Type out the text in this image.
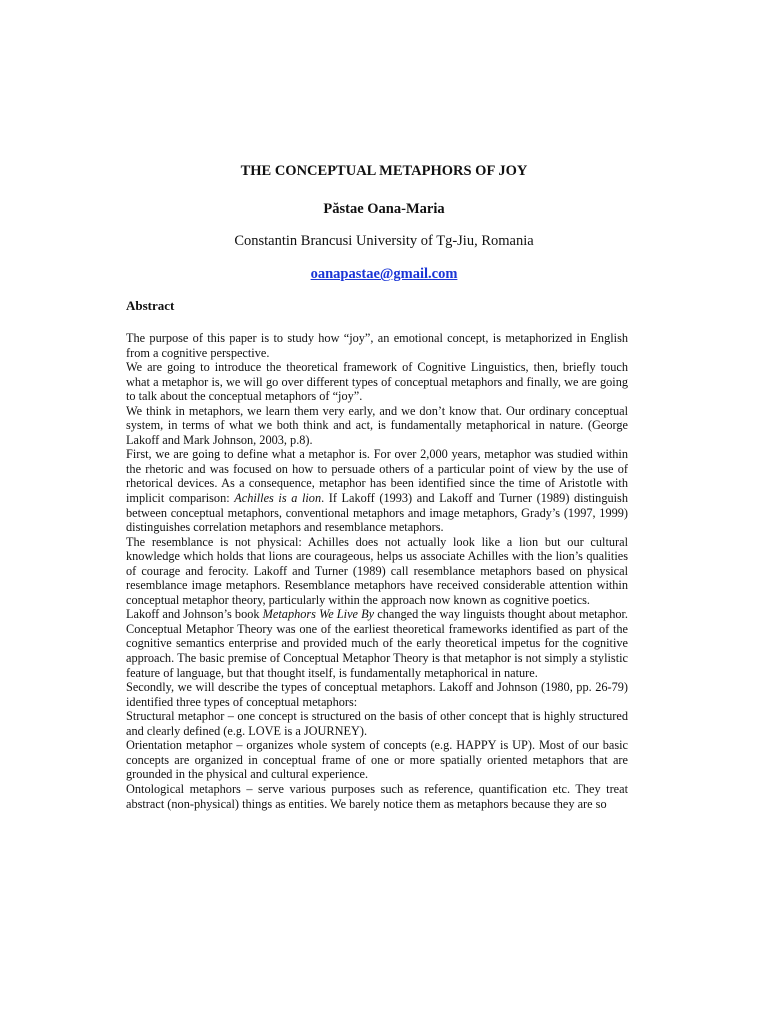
THE CONCEPTUAL METAPHORS OF JOY
Păstae Oana-Maria
Constantin Brancusi University of Tg-Jiu, Romania
oanapastae@gmail.com
Abstract

The purpose of this paper is to study how “joy”, an emotional concept, is metaphorized in English from a cognitive perspective.

We are going to introduce the theoretical framework of Cognitive Linguistics, then, briefly touch what a metaphor is, we will go over different types of conceptual metaphors and finally, we are going to talk about the conceptual metaphors of “joy”.

We think in metaphors, we learn them very early, and we don’t know that. Our ordinary conceptual system, in terms of what we both think and act, is fundamentally metaphorical in nature. (George Lakoff and Mark Johnson, 2003, p.8).

First, we are going to define what a metaphor is. For over 2,000 years, metaphor was studied within the rhetoric and was focused on how to persuade others of a particular point of view by the use of rhetorical devices. As a consequence, metaphor has been identified since the time of Aristotle with implicit comparison: Achilles is a lion. If Lakoff (1993) and Lakoff and Turner (1989) distinguish between conceptual metaphors, conventional metaphors and image metaphors, Grady’s (1997, 1999) distinguishes correlation metaphors and resemblance metaphors.

The resemblance is not physical: Achilles does not actually look like a lion but our cultural knowledge which holds that lions are courageous, helps us associate Achilles with the lion’s qualities of courage and ferocity. Lakoff and Turner (1989) call resemblance metaphors based on physical resemblance image metaphors. Resemblance metaphors have received considerable attention within conceptual metaphor theory, particularly within the approach now known as cognitive poetics.

Lakoff and Johnson’s book Metaphors We Live By changed the way linguists thought about metaphor. Conceptual Metaphor Theory was one of the earliest theoretical frameworks identified as part of the cognitive semantics enterprise and provided much of the early theoretical impetus for the cognitive approach. The basic premise of Conceptual Metaphor Theory is that metaphor is not simply a stylistic feature of language, but that thought itself, is fundamentally metaphorical in nature.

Secondly, we will describe the types of conceptual metaphors. Lakoff and Johnson (1980, pp. 26-79) identified three types of conceptual metaphors:

Structural metaphor – one concept is structured on the basis of other concept that is highly structured and clearly defined (e.g. LOVE is a JOURNEY).

Orientation metaphor – organizes whole system of concepts (e.g. HAPPY is UP). Most of our basic concepts are organized in conceptual frame of one or more spatially oriented metaphors that are grounded in the physical and cultural experience.

Ontological metaphors – serve various purposes such as reference, quantification etc. They treat abstract (non-physical) things as entities. We barely notice them as metaphors because they are so
